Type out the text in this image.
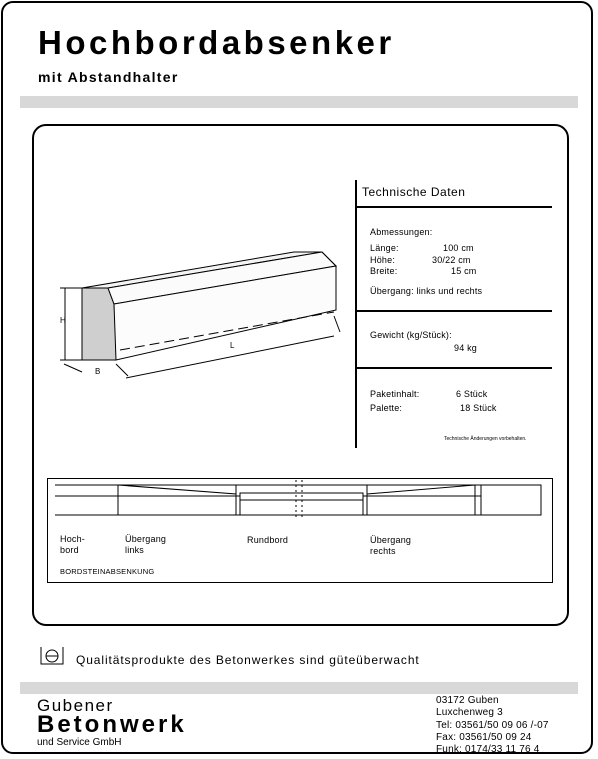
Hochbordabsenker
mit Abstandhalter
H
B
L
Technische Daten
Abmessungen:
Länge:	100 cm
Höhe:	30/22 cm
Breite:	15 cm
Übergang: links und rechts
Gewicht (kg/Stück):
94 kg
Paketinhalt:	6 Stück
Palette:	18 Stück
Technische Änderungen vorbehalten.
Hoch-
bord
Übergang
links
Rundbord	Übergang
rechts
BORDSTEINABSENKUNG
Qualitätsprodukte des Betonwerkes sind güteüberwacht
Gubener
Betonwerk
und Service GmbH
03172 Guben
Luxchenweg 3
Tel: 03561/50 09 06 /-07
Fax: 03561/50 09 24
Funk: 0174/33 11 76 4
